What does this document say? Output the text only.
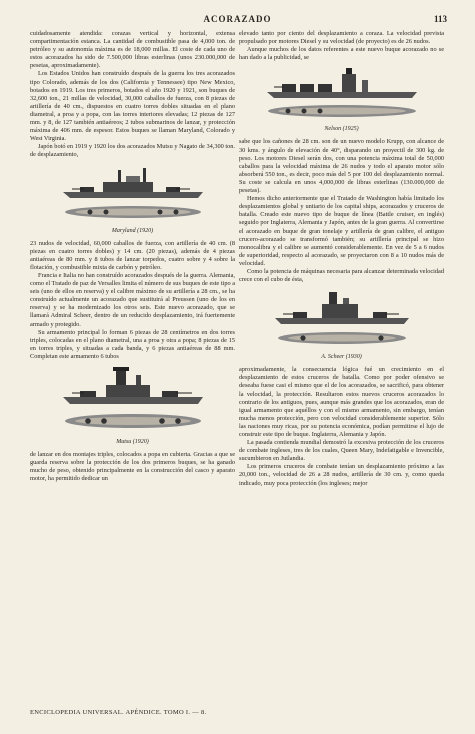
ACORAZADO	113

cuidadosamente atendida: corazas vertical y horizontal, extensa compartimentación estanca. La cantidad de combustible pasa de 4,000 ton. de petróleo y su autonomía máxima es de 18,000 millas. El coste de cada uno de estos acorazados ha sido de 7.500,000 libras esterlinas (unos 230.000,000 de pesetas, aproximadamente).

Los Estados Unidos han construído después de la guerra los tres acorazados tipo Colorado, además de los dos (California y Tennessee) tipo New Mexico, botados en 1919. Los tres primeros, botados el año 1920 y 1921, son buques de 32,600 ton., 21 millas de velocidad, 30,000 caballos de fuerza, con 8 piezas de artillería de 40 cm., dispuestos en cuatro torres dobles situadas en el plano diametral, a proa y a popa, con las torres interiores elevadas; 12 piezas de 127 mm. y 8, de 127 también antiaéreos; 2 tubos submarinos de lanzar, y protección máxima de 406 mm. de espesor. Estos buques se llaman Maryland, Colorado y West Virginia.

Japón botó en 1919 y 1920 los dos acorazados Mutsu y Nagato de 34,300 ton. de desplazamiento,

Maryland (1920)

23 nudos de velocidad, 60,000 caballos de fuerza, con artillería de 40 cm. (8 piezas en cuatro torres dobles) y 14 cm. (20 piezas), además de 4 piezas antiaéreas de 80 mm. y 8 tubos de lanzar torpedos, cuatro sobre y 4 sobre la flotación, y combustible mixta de carbón y petróleo.

Francia e Italia no han construído acorazados después de la guerra. Alemania, como el Tratado de paz de Versalles limita el número de sus buques de este tipo a seis (uno de ellos en reserva) y el calibre máximo de su artillería a 28 cm., se ha construído actualmente un acorazado que sustituirá al Preussen (uno de los en reserva) y se ha modernizado los otros seis. Este nuevo acorazado, que se llamará Admiral Scheer, dentro de un reducido desplazamiento, irá fuertemente armado y protegido.

Su armamento principal lo forman 6 piezas de 28 centímetros en dos torres triples, colocadas en el plano diametral, una a proa y otra a popa; 8 piezas de 15 en torres triples, y situadas a cada banda, y 6 piezas antiaéreas de 88 mm. Completan este armamento 6 tubos

Mutsu (1920)

de lanzar en dos montajes triples, colocados a popa en cubierta. Gracias a que se guarda reserva sobre la protección de los dos primeros buques, se ha ganado mucho de peso, obtenido principalmente en la construcción del casco y aparato motor, ha permitido dedicar un

elevado tanto por ciento del desplazamiento a coraza. La velocidad prevista propulsado por motores Diesel y su velocidad (de proyecto) es de 26 nudos.

Aunque muchos de los datos referentes a este nuevo buque acorazado no se han dado a la publicidad, se

Nelson (1925)

sabe que los cañones de 28 cm. son de un nuevo modelo Krupp, con alcance de 30 kms. y ángulo de elevación de 40°, disparando un proyectil de 300 kg. de peso. Los motores Diesel serán dos, con una potencia máxima total de 50,000 caballos para la velocidad máxima de 26 nudos y todo el aparato motor sólo absorberá 550 ton., es decir, poco más del 5 por 100 del desplazamiento normal. Su coste se calcula en unos 4,000,000 de libras esterlinas (130.000,000 de pesetas).

Hemos dicho anteriormente que el Tratado de Washington había limitado los desplazamientos global y unitario de los capital ships, acorazados y cruceros de batalla. Creado este nuevo tipo de buque de línea (Battle cruiser, en inglés) seguido por Inglaterra, Alemania y Japón, antes de la gran guerra. Al convertirse el acorazado en buque de gran tonelaje y artillería de gran calibre, el antiguo crucero-acorazado se transformó también; su artillería principal se hizo monocalibra y el calibre se aumentó considerablemente. En vez de 5 a 6 nudos de superioridad, respecto al acorazado, se proyectaron con 8 a 10 nudos más de velocidad.

Como la potencia de máquinas necesaria para alcanzar determinada velocidad crece con el cubo de ésta,

A. Scheer (1930)

aproximadamente, la consecuencia lógica fué un crecimiento en el desplazamiento de estos cruceros de batalla. Como por poder ofensivo se deseaba fuese casi el mismo que el de los acorazados, se sacrificó, para obtener la velocidad, la protección. Resultaron estos nuevos cruceros acorazados lo contrario de los antiguos, pues, aunque más grandes que los acorazados, eran de igual armamento que aquéllos y con el mismo armamento, sin embargo, tenían mucha menos protección, pero con velocidad considerablemente superior. Sólo las naciones muy ricas, por su potencia económica, podían permitirse el lujo de construir este tipo de buque. Inglaterra, Alemania y Japón.

La pasada contienda mundial demostró la excesiva protección de los cruceros de combate ingleses, tres de los cuales, Queen Mary, Indefatigable e Invencible, sucumbieron en Jutlandia.

Los primeros cruceros de combate tenían un desplazamiento próximo a las 20,000 ton., velocidad de 26 a 28 nudos, artillería de 30 cm. y, como queda indicado, muy poca protección (los ingleses; mejor

ENCICLOPEDIA UNIVERSAL. APÉNDICE. TOMO I. — 8.
